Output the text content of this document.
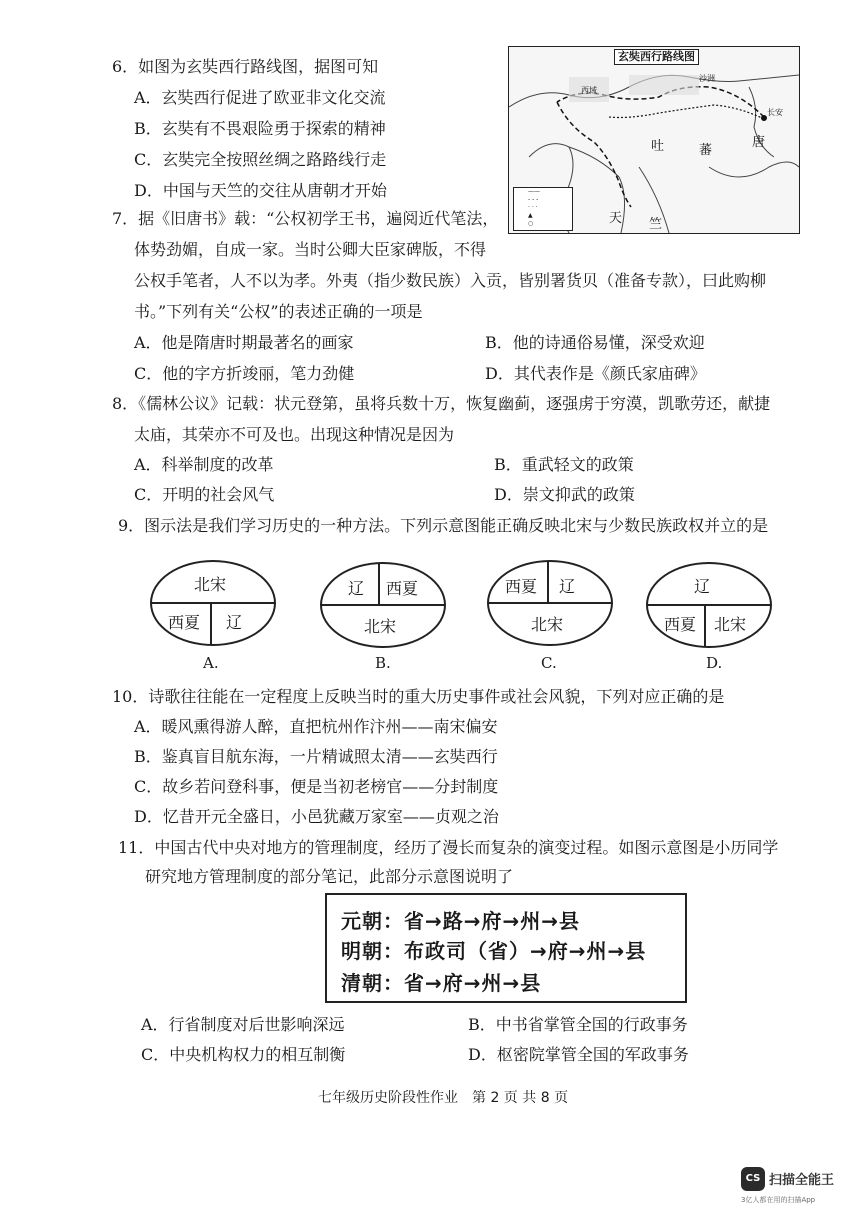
6．如图为玄奘西行路线图，据图可知
A．玄奘西行促进了欧亚非文化交流
B．玄奘有不畏艰险勇于探索的精神
C．玄奘完全按照丝绸之路路线行走
D．中国与天竺的交往从唐朝才开始
玄奘西行路线图
唐
吐	蕃
长安
天 竺
西域
沙洲
——
- - -
· · ·
▲
○
7．据《旧唐书》载：“公权初学王书，遍阅近代笔法，
体势劲媚，自成一家。当时公卿大臣家碑版，不得
公权手笔者，人不以为孝。外夷（指少数民族）入贡，皆别署货贝（准备专款），曰此购柳
书。”下列有关“公权”的表述正确的一项是
A．他是隋唐时期最著名的画家	B．他的诗通俗易懂，深受欢迎
C．他的字方折竣丽，笔力劲健	D．其代表作是《颜氏家庙碑》
8．《儒林公议》记载：状元登第，虽将兵数十万，恢复幽蓟，逐强虏于穷漠，凯歌劳还，献捷
太庙，其荣亦不可及也。出现这种情况是因为
A．科举制度的改革	B．重武轻文的政策
C．开明的社会风气	D．崇文抑武的政策
9．图示法是我们学习历史的一种方法。下列示意图能正确反映北宋与少数民族政权并立的是
北宋
西夏 辽
A.
辽 西夏
北宋
B.
西夏 辽
北宋
C.
辽
西夏 北宋
D.
10．诗歌往往能在一定程度上反映当时的重大历史事件或社会风貌，下列对应正确的是
A．暖风熏得游人醉，直把杭州作汴州——南宋偏安
B．鉴真盲目航东海，一片精诚照太清——玄奘西行
C．故乡若问登科事，便是当初老榜官——分封制度
D．忆昔开元全盛日，小邑犹藏万家室——贞观之治
11．中国古代中央对地方的管理制度，经历了漫长而复杂的演变过程。如图示意图是小历同学
研究地方管理制度的部分笔记，此部分示意图说明了
元朝：省→路→府→州→县
明朝：布政司（省）→府→州→县
清朝：省→府→州→县
A．行省制度对后世影响深远	B．中书省掌管全国的行政事务
C．中央机构权力的相互制衡	D．枢密院掌管全国的军政事务
七年级历史阶段性作业　第 2 页 共 8 页
CS 扫描全能王
3亿人都在用的扫描App
